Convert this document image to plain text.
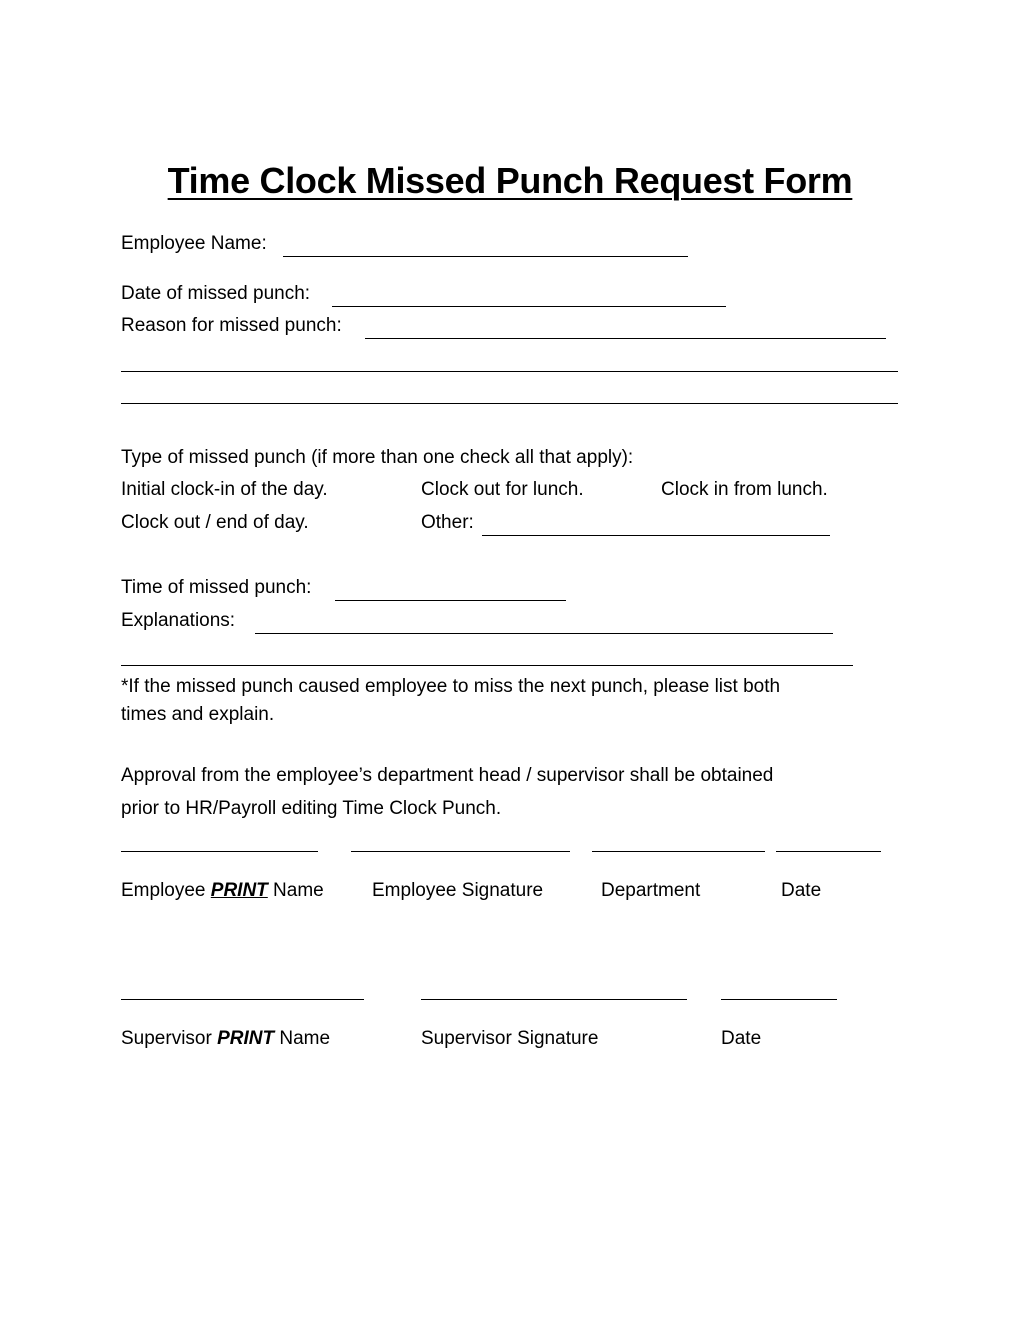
Time Clock Missed Punch Request Form
Employee Name:
Date of missed punch:
Reason for missed punch:
Type of missed punch (if more than one check all that apply):
Initial clock-in of the day.	Clock out for lunch.	Clock in from lunch.
Clock out / end of day.	Other:
Time of missed punch:
Explanations:
*If the missed punch caused employee to miss the next punch, please list both
times and explain.
Approval from the employee’s department head / supervisor shall be obtained
prior to HR/Payroll editing Time Clock Punch.
Employee PRINT Name	Employee Signature	Department	Date
Supervisor PRINT Name	Supervisor Signature	Date
